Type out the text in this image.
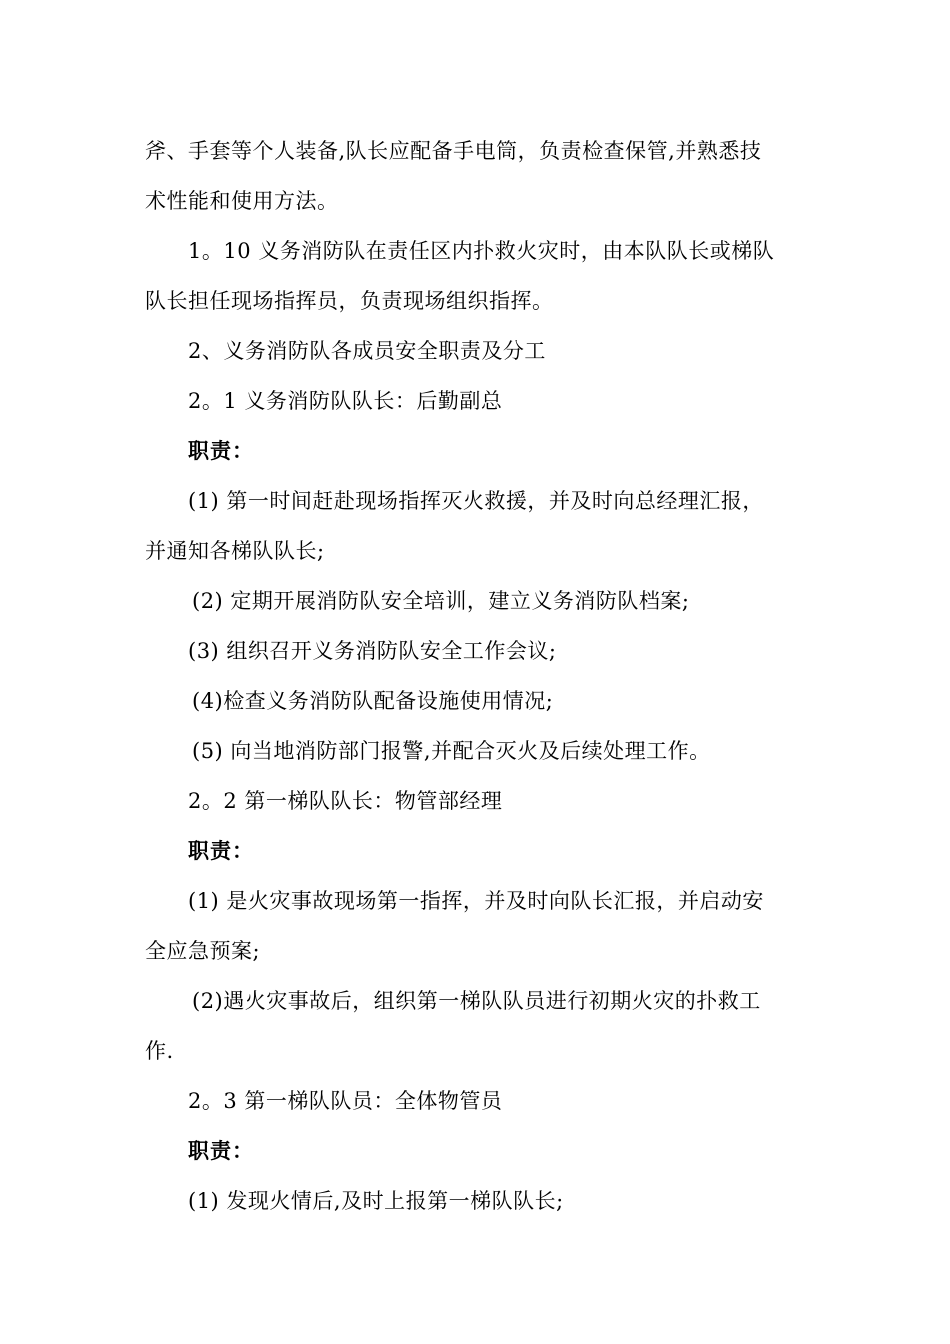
斧、手套等个人装备,队长应配备手电筒，负责检查保管,并熟悉技
术性能和使用方法。
1。10 义务消防队在责任区内扑救火灾时，由本队队长或梯队
队长担任现场指挥员，负责现场组织指挥。
2、义务消防队各成员安全职责及分工
2。1 义务消防队队长：后勤副总
职责：
(1) 第一时间赶赴现场指挥灭火救援，并及时向总经理汇报，
并通知各梯队队长;
(2) 定期开展消防队安全培训，建立义务消防队档案;
(3) 组织召开义务消防队安全工作会议;
(4)检查义务消防队配备设施使用情况;
(5) 向当地消防部门报警,并配合灭火及后续处理工作。
2。2 第一梯队队长：物管部经理
职责：
(1) 是火灾事故现场第一指挥，并及时向队长汇报，并启动安
全应急预案;
(2)遇火灾事故后，组织第一梯队队员进行初期火灾的扑救工
作.
2。3 第一梯队队员：全体物管员
职责：
(1) 发现火情后,及时上报第一梯队队长;
